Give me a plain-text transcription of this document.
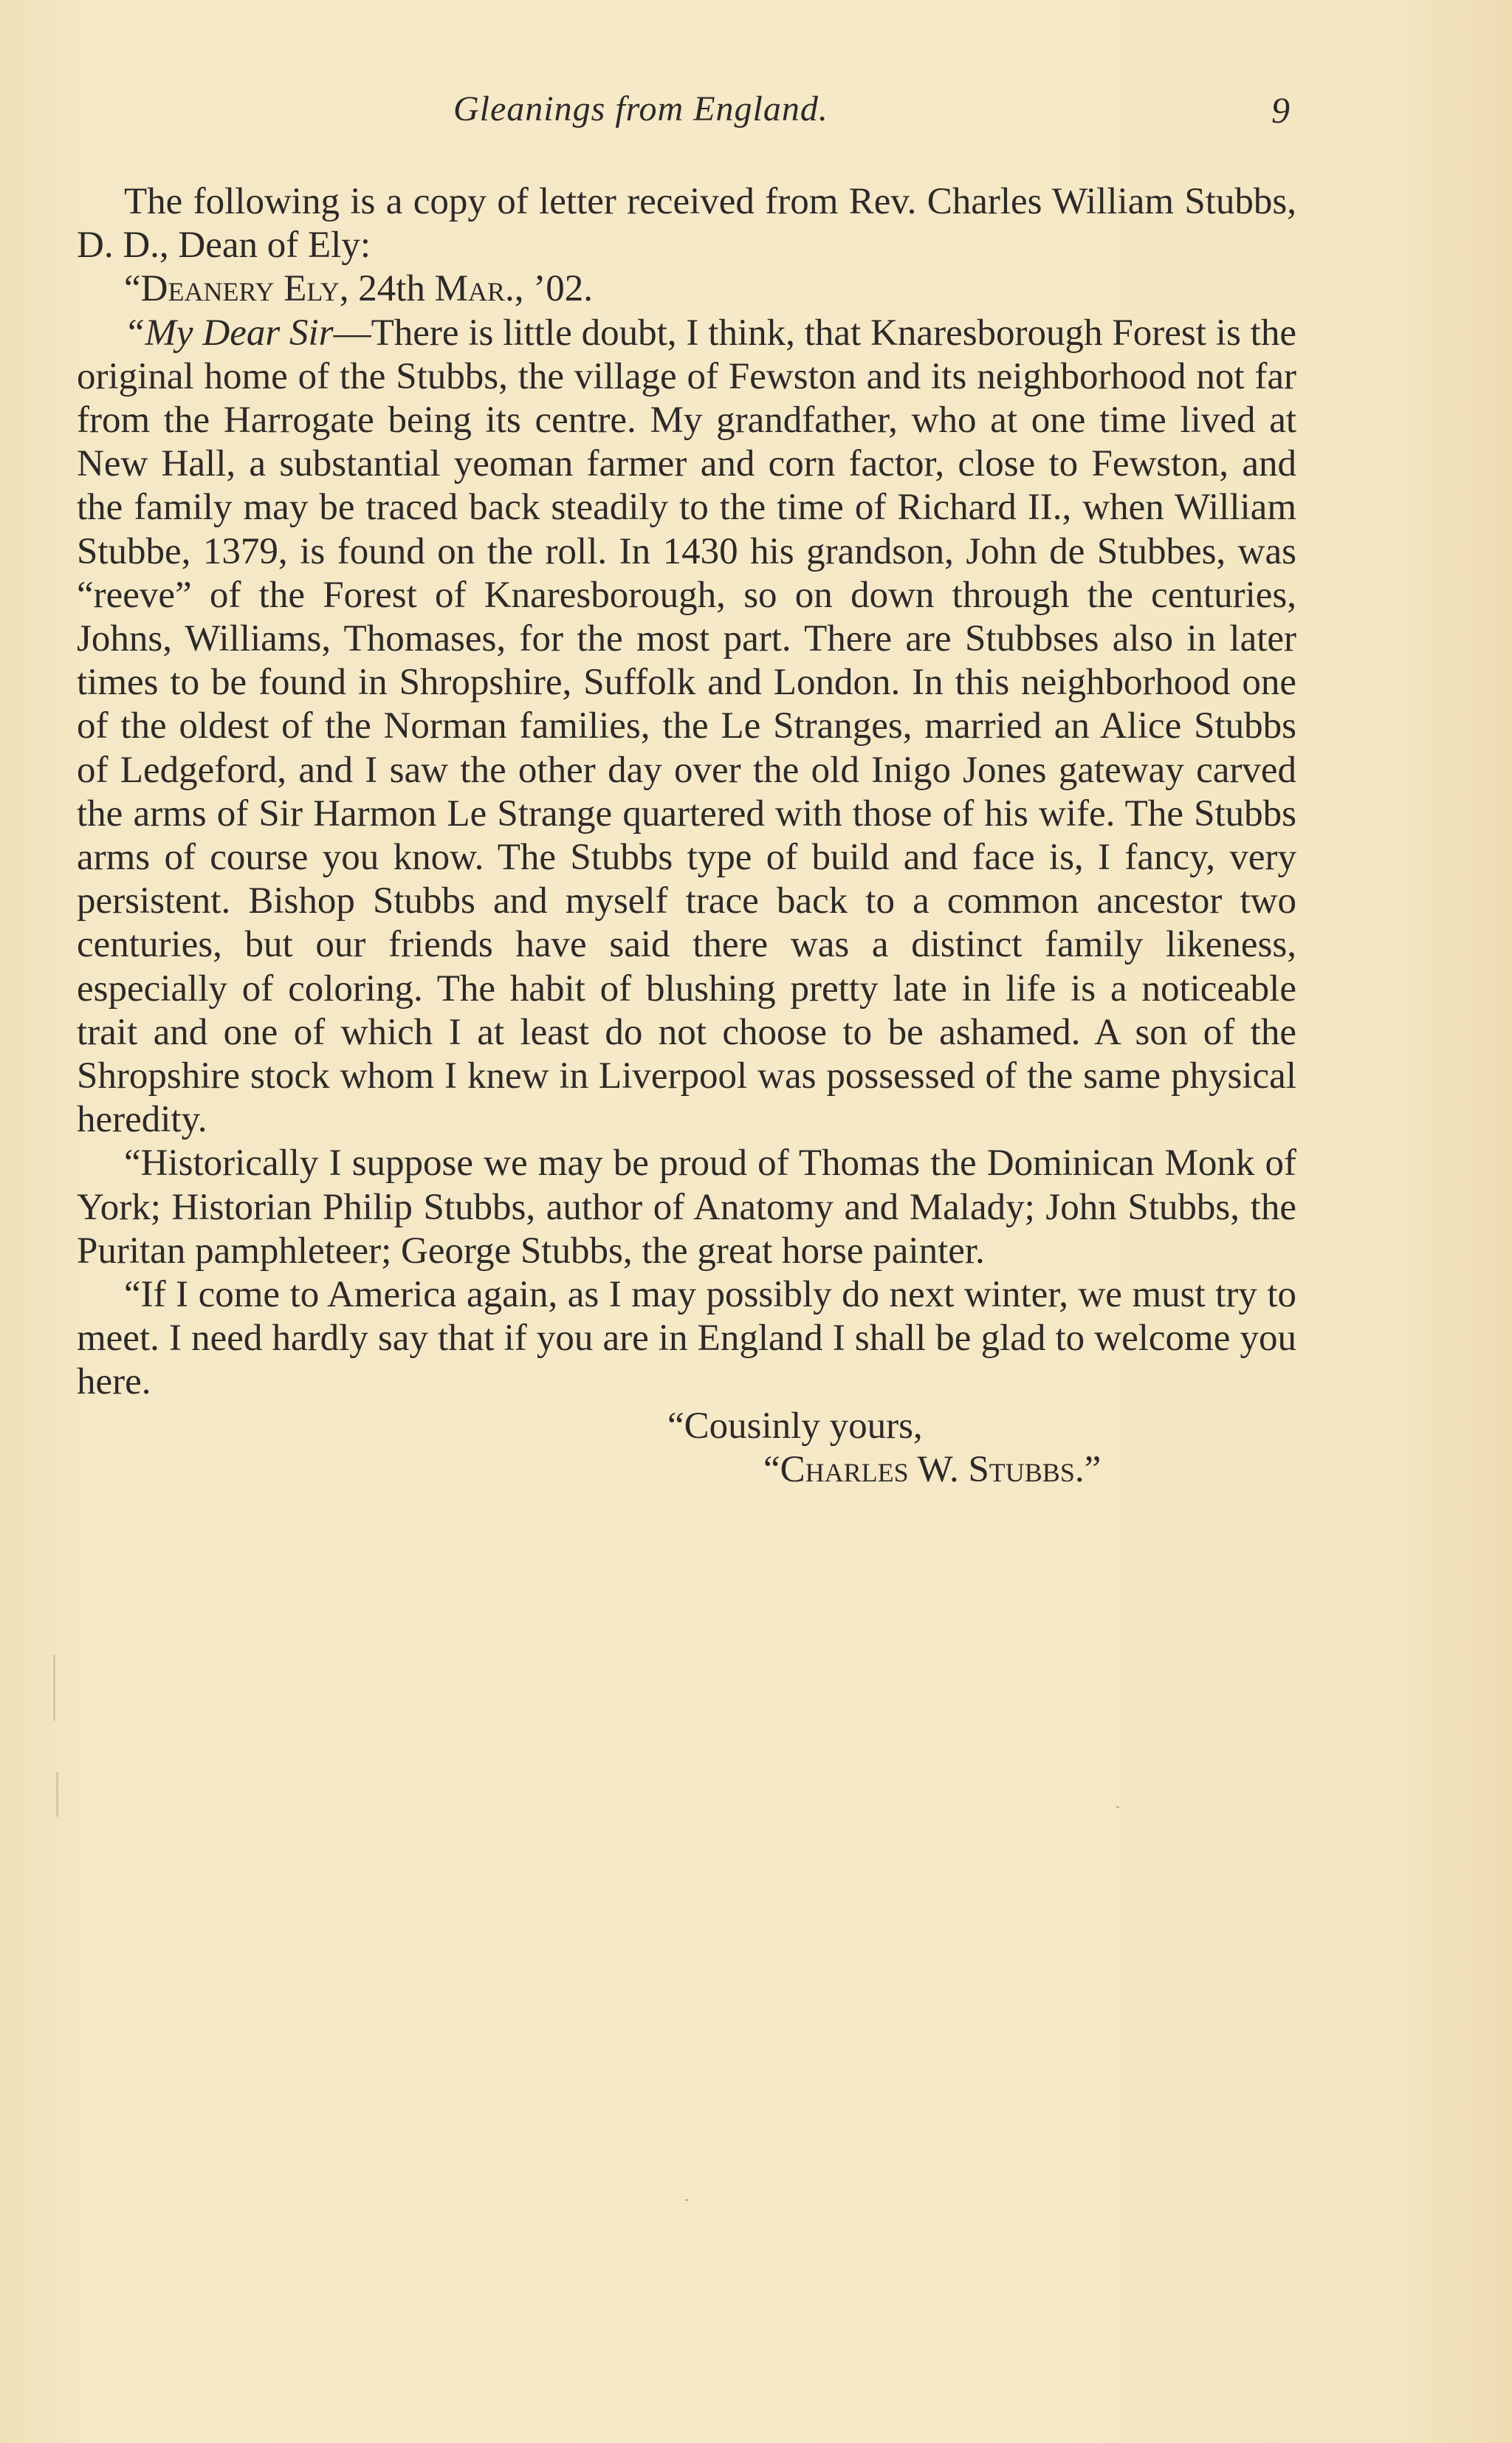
Gleanings from England.	9

The following is a copy of letter received from Rev. Charles William Stubbs, D. D., Dean of Ely:

“Deanery Ely, 24th Mar., ’02.

“My Dear Sir—There is little doubt, I think, that Knaresborough Forest is the original home of the Stubbs, the village of Fewston and its neighborhood not far from the Harrogate being its centre. My grandfather, who at one time lived at New Hall, a substantial yeoman farmer and corn factor, close to Fewston, and the family may be traced back steadily to the time of Richard II., when William Stubbe, 1379, is found on the roll. In 1430 his grandson, John de Stubbes, was “reeve” of the Forest of Knaresborough, so on down through the centuries, Johns, Williams, Thomases, for the most part. There are Stubbses also in later times to be found in Shropshire, Suffolk and London. In this neighborhood one of the oldest of the Norman families, the Le Stranges, married an Alice Stubbs of Ledgeford, and I saw the other day over the old Inigo Jones gateway carved the arms of Sir Harmon Le Strange quartered with those of his wife. The Stubbs arms of course you know. The Stubbs type of build and face is, I fancy, very persistent. Bishop Stubbs and myself trace back to a common ancestor two centuries, but our friends have said there was a distinct family likeness, especially of coloring. The habit of blushing pretty late in life is a noticeable trait and one of which I at least do not choose to be ashamed. A son of the Shropshire stock whom I knew in Liverpool was possessed of the same physical heredity.

“Historically I suppose we may be proud of Thomas the Dominican Monk of York; Historian Philip Stubbs, author of Anatomy and Malady; John Stubbs, the Puritan pamphleteer; George Stubbs, the great horse painter.

“If I come to America again, as I may possibly do next winter, we must try to meet. I need hardly say that if you are in England I shall be glad to welcome you here.

“Cousinly yours,
“Charles W. Stubbs.”
